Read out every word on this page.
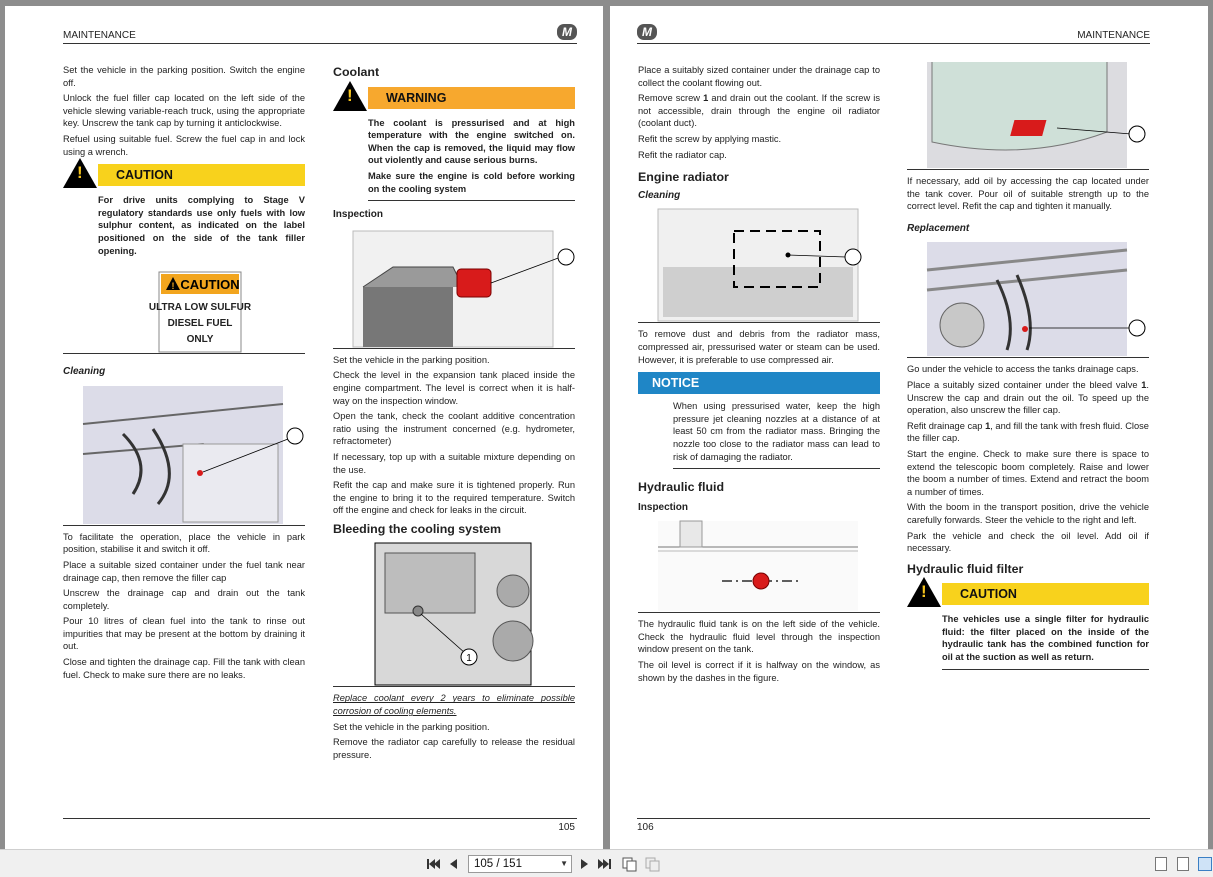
MAINTENANCE	M

Set the vehicle in the parking position. Switch the engine off.

Unlock the fuel filler cap located on the left side of the vehicle slewing variable-reach truck, using the appropriate key. Unscrew the tank cap by turning it anticlockwise.

Refuel using suitable fuel. Screw the fuel cap in and lock using a wrench.

!	CAUTION

For drive units complying to Stage V regulatory standards use only fuels with low sulphur content, as indicated on the label positioned on the side of the tank filler opening.

! CAUTION
ULTRA LOW SULFUR
DIESEL FUEL
ONLY
Cleaning

To facilitate the operation, place the vehicle in park position, stabilise it and switch it off.

Place a suitable sized container under the fuel tank near drainage cap, then remove the filler cap

Unscrew the drainage cap and drain out the tank completely.

Pour 10 litres of clean fuel into the tank to rinse out impurities that may be present at the bottom by draining it out.

Close and tighten the drainage cap. Fill the tank with clean fuel. Check to make sure there are no leaks.

Coolant
!	WARNING

The coolant is pressurised and at high temperature with the engine switched on. When the cap is removed, the liquid may flow out violently and cause serious burns.

Make sure the engine is cold before working on the cooling system

Inspection

Set the vehicle in the parking position.

Check the level in the expansion tank placed inside the engine compartment. The level is correct when it is half-way on the inspection window.

Open the tank, check the coolant additive concentration ratio using the instrument concerned (e.g. hydrometer, refractometer)

If necessary, top up with a suitable mixture depending on the use.

Refit the cap and make sure it is tightened properly. Run the engine to bring it to the required temperature. Switch off the engine and check for leaks in the circuit.

Bleeding the cooling system
1

Replace coolant every 2 years to eliminate possible corrosion of cooling elements.

Set the vehicle in the parking position.

Remove the radiator cap carefully to release the residual pressure.

105
M	MAINTENANCE

Place a suitably sized container under the drainage cap to collect the coolant flowing out.

Remove screw 1 and drain out the coolant. If the screw is not accessible, drain through the engine oil radiator (coolant duct).

Refit the screw by applying mastic.

Refit the radiator cap.

Engine radiator
Cleaning

To remove dust and debris from the radiator mass, compressed air, pressurised water or steam can be used. However, it is preferable to use compressed air.

NOTICE

When using pressurised water, keep the high pressure jet cleaning nozzles at a distance of at least 50 cm from the radiator mass. Bringing the nozzle too close to the radiator mass can lead to risk of damaging the radiator.

Hydraulic fluid
Inspection

The hydraulic fluid tank is on the left side of the vehicle. Check the hydraulic fluid level through the inspection window present on the tank.

The oil level is correct if it is halfway on the window, as shown by the dashes in the figure.

If necessary, add oil by accessing the cap located under the tank cover. Pour oil of suitable strength up to the correct level. Refit the cap and tighten it manually.

Replacement

Go under the vehicle to access the tanks drainage caps.

Place a suitably sized container under the bleed valve 1. Unscrew the cap and drain out the oil. To speed up the operation, also unscrew the filler cap.

Refit drainage cap 1, and fill the tank with fresh fluid. Close the filler cap.

Start the engine. Check to make sure there is space to extend the telescopic boom completely. Raise and lower the boom a number of times. Extend and retract the boom a number of times.

With the boom in the transport position, drive the vehicle carefully forwards. Steer the vehicle to the right and left.

Park the vehicle and check the oil level. Add oil if necessary.

Hydraulic fluid filter
!	CAUTION

The vehicles use a single filter for hydraulic fluid: the filter placed on the inside of the hydraulic tank has the combined function for oil at the suction as well as return.

106
105 / 151	▼
